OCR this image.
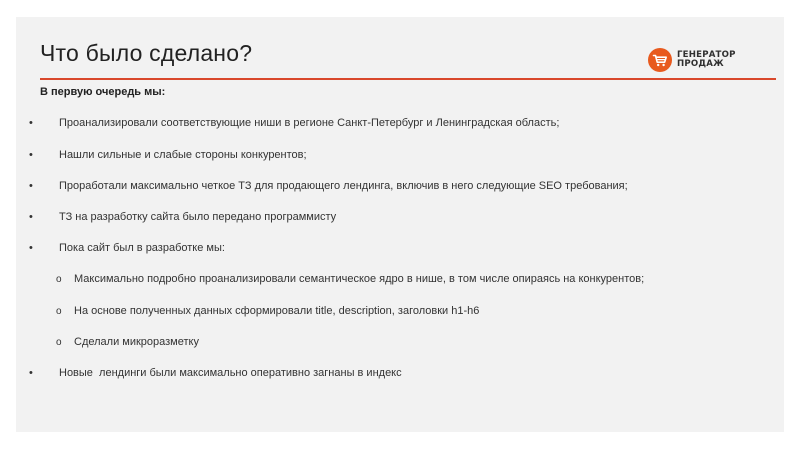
Что было сделано?	ГЕНЕРАТОР
ПРОДАЖ
В первую очередь мы:
• Проанализировали соответствующие ниши в регионе Санкт-Петербург и Ленинградская область;
• Нашли сильные и слабые стороны конкурентов;
• Проработали максимально четкое ТЗ для продающего лендинга, включив в него следующие SEO требования;
• ТЗ на разработку сайта было передано программисту
• Пока сайт был в разработке мы:
o Максимально подробно проанализировали семантическое ядро в нише, в том числе опираясь на конкурентов;
o На основе полученных данных сформировали title, description, заголовки h1-h6
o Сделали микроразметку
• Новые  лендинги были максимально оперативно загнаны в индекс
